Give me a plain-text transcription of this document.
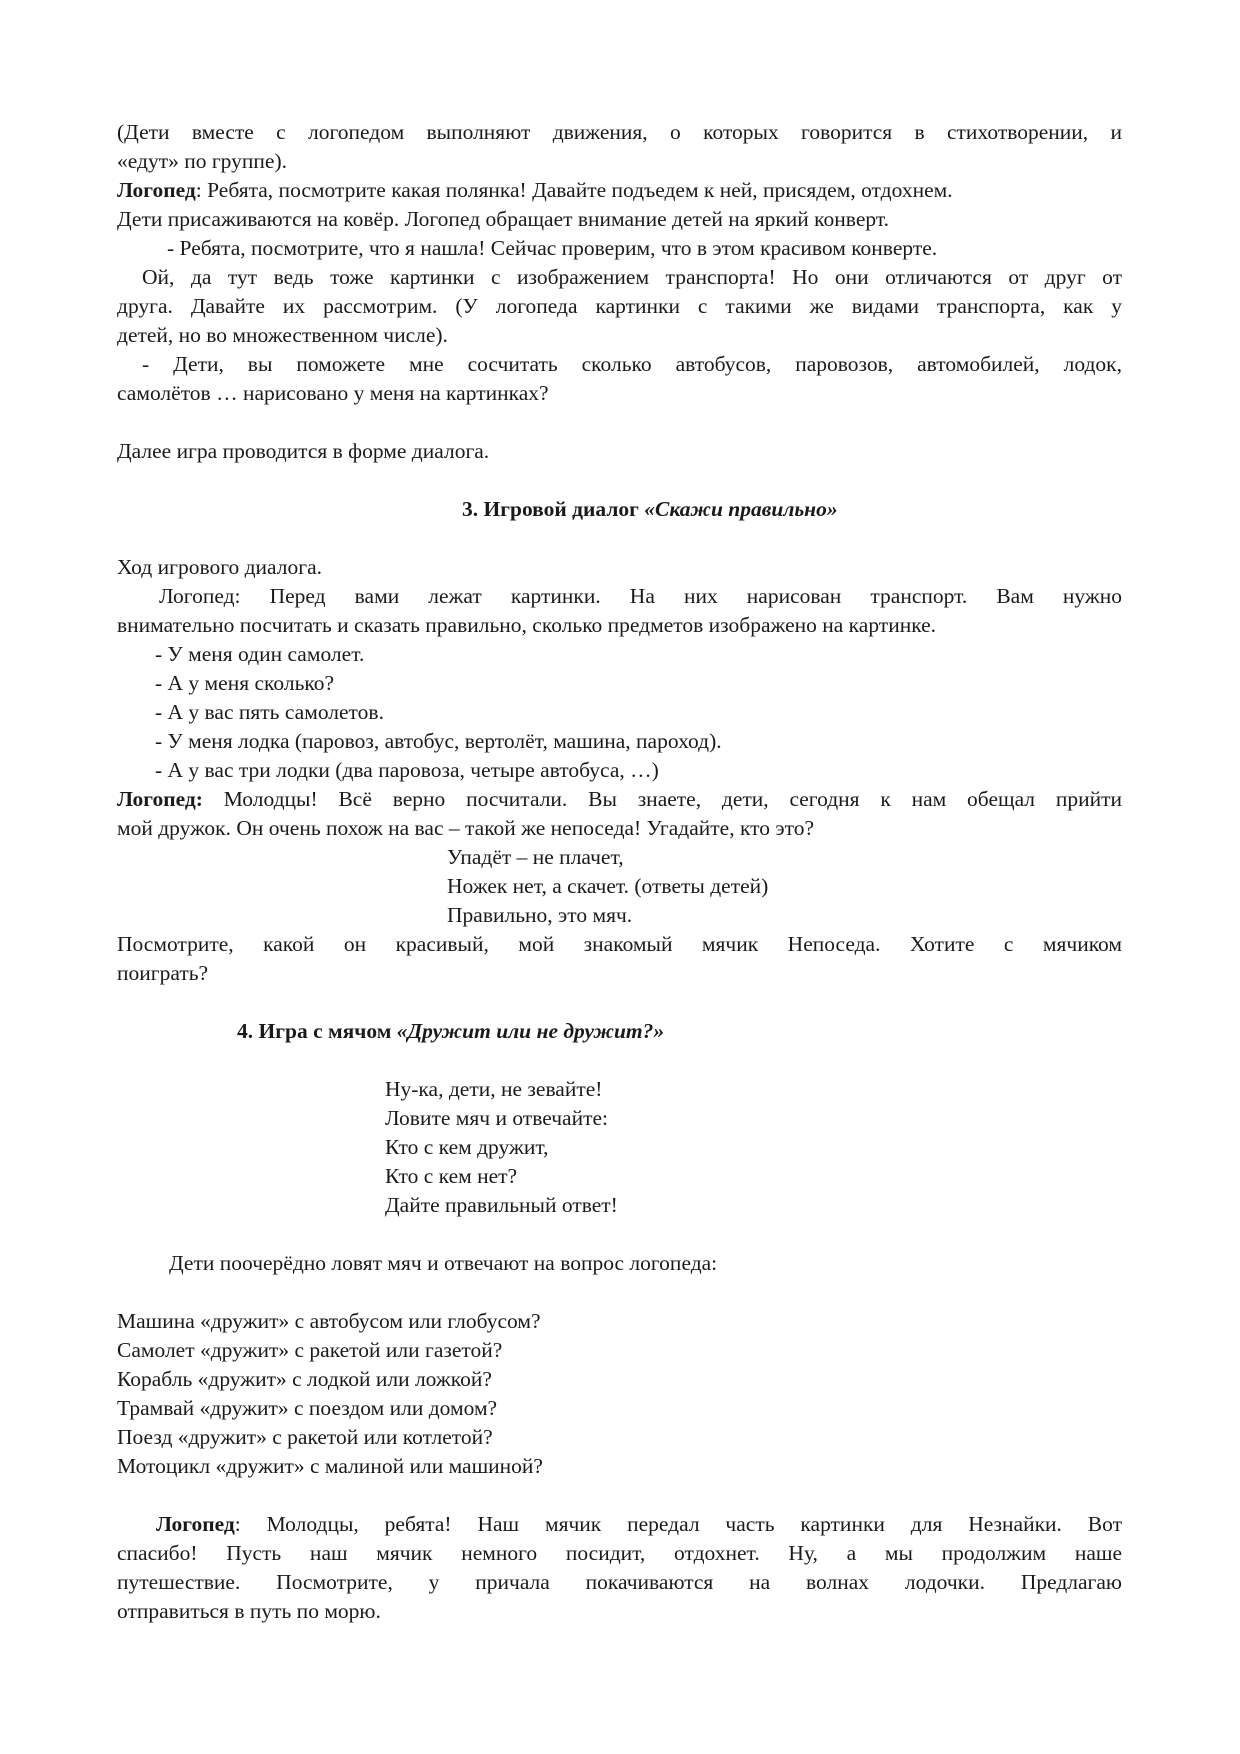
(Дети вместе с логопедом выполняют движения, о которых говорится в стихотворении, и
«едут» по группе).
Логопед: Ребята, посмотрите какая полянка! Давайте подъедем к ней, присядем, отдохнем.
Дети присаживаются на ковёр. Логопед обращает внимание детей на яркий конверт.
- Ребята, посмотрите, что я нашла! Сейчас проверим, что в этом красивом конверте.
Ой, да тут ведь тоже картинки с изображением транспорта! Но они отличаются от друг от
друга. Давайте их рассмотрим. (У логопеда картинки с такими же видами транспорта, как у
детей, но во множественном числе).
- Дети, вы поможете мне сосчитать сколько автобусов, паровозов, автомобилей, лодок,
самолётов … нарисовано у меня на картинках?
Далее игра проводится в форме диалога.
3. Игровой диалог «Скажи правильно»
Ход игрового диалога.
Логопед: Перед вами лежат картинки. На них нарисован транспорт. Вам нужно
внимательно посчитать и сказать правильно, сколько предметов изображено на картинке.
- У меня один самолет.
- А у меня сколько?
- А у вас пять самолетов.
- У меня лодка (паровоз, автобус, вертолёт, машина, пароход).
- А у вас три лодки (два паровоза, четыре автобуса, …)
Логопед: Молодцы! Всё верно посчитали. Вы знаете, дети, сегодня к нам обещал прийти
мой дружок. Он очень похож на вас – такой же непоседа! Угадайте, кто это?
Упадёт – не плачет,
Ножек нет, а скачет. (ответы детей)
Правильно, это мяч.
Посмотрите, какой он красивый, мой знакомый мячик Непоседа. Хотите с мячиком
поиграть?
4. Игра с мячом «Дружит или не дружит?»
Ну-ка, дети, не зевайте!
Ловите мяч и отвечайте:
Кто с кем дружит,
Кто с кем нет?
Дайте правильный ответ!
Дети поочерёдно ловят мяч и отвечают на вопрос логопеда:
Машина «дружит» с автобусом или глобусом?
Самолет «дружит» с ракетой или газетой?
Корабль «дружит» с лодкой или ложкой?
Трамвай «дружит» с поездом или домом?
Поезд «дружит» с ракетой или котлетой?
Мотоцикл «дружит» с малиной или машиной?
Логопед: Молодцы, ребята! Наш мячик передал часть картинки для Незнайки. Вот
спасибо! Пусть наш мячик немного посидит, отдохнет. Ну, а мы продолжим наше
путешествие. Посмотрите, у причала покачиваются на волнах лодочки. Предлагаю
отправиться в путь по морю.
